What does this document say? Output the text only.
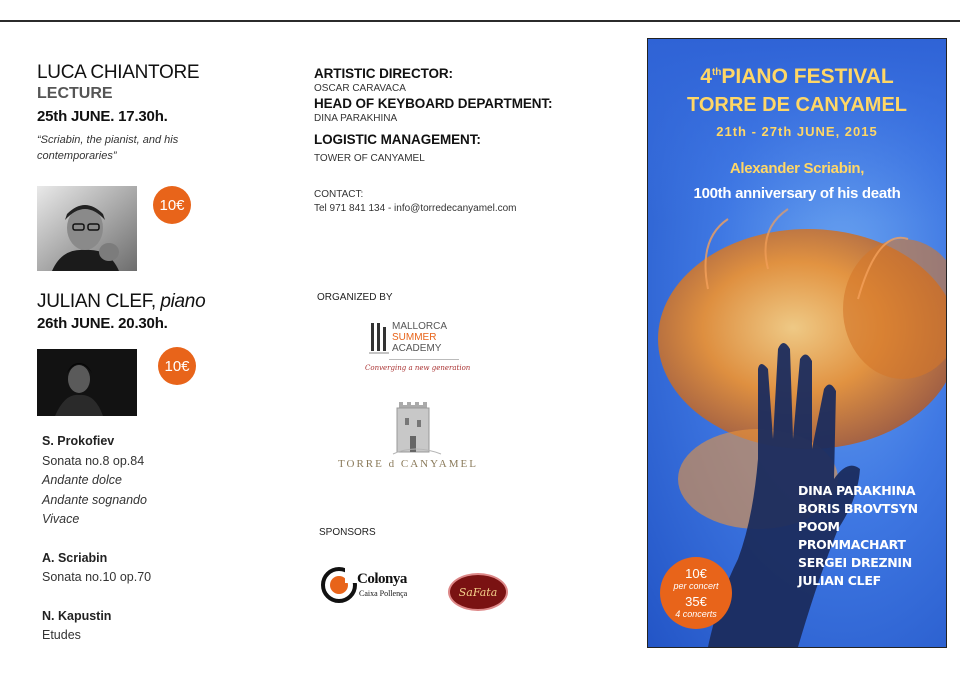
LUCA CHIANTORE
LECTURE
25th JUNE. 17.30h.
“Scriabin, the pianist, and his contemporaries”
10€
JULIAN CLEF, piano
26th JUNE. 20.30h.
10€
S. Prokofiev
Sonata no.8 op.84
Andante dolce
Andante sognando
Vivace
A. Scriabin
Sonata no.10 op.70
N. Kapustin
Etudes
ARTISTIC DIRECTOR:
OSCAR CARAVACA
HEAD OF KEYBOARD DEPARTMENT:
DINA PARAKHINA
LOGISTIC MANAGEMENT:
TOWER OF CANYAMEL
CONTACT:
Tel 971 841 134 - info@torredecanyamel.com
ORGANIZED BY
MALLORCA
SUMMER
ACADEMY
Converging a new generation
TORRE d CANYAMEL
SPONSORS
Colonya
Caixa Pollença	SaFata
4thPIANO FESTIVAL
TORRE DE CANYAMEL
21th - 27th JUNE, 2015
Alexander Scriabin,
100th anniversary of his death
DINA PARAKHINA
BORIS BROVTSYN
POOM PROMMACHART
SERGEI DREZNIN
JULIAN CLEF
10€
per concert
35€
4 concerts
